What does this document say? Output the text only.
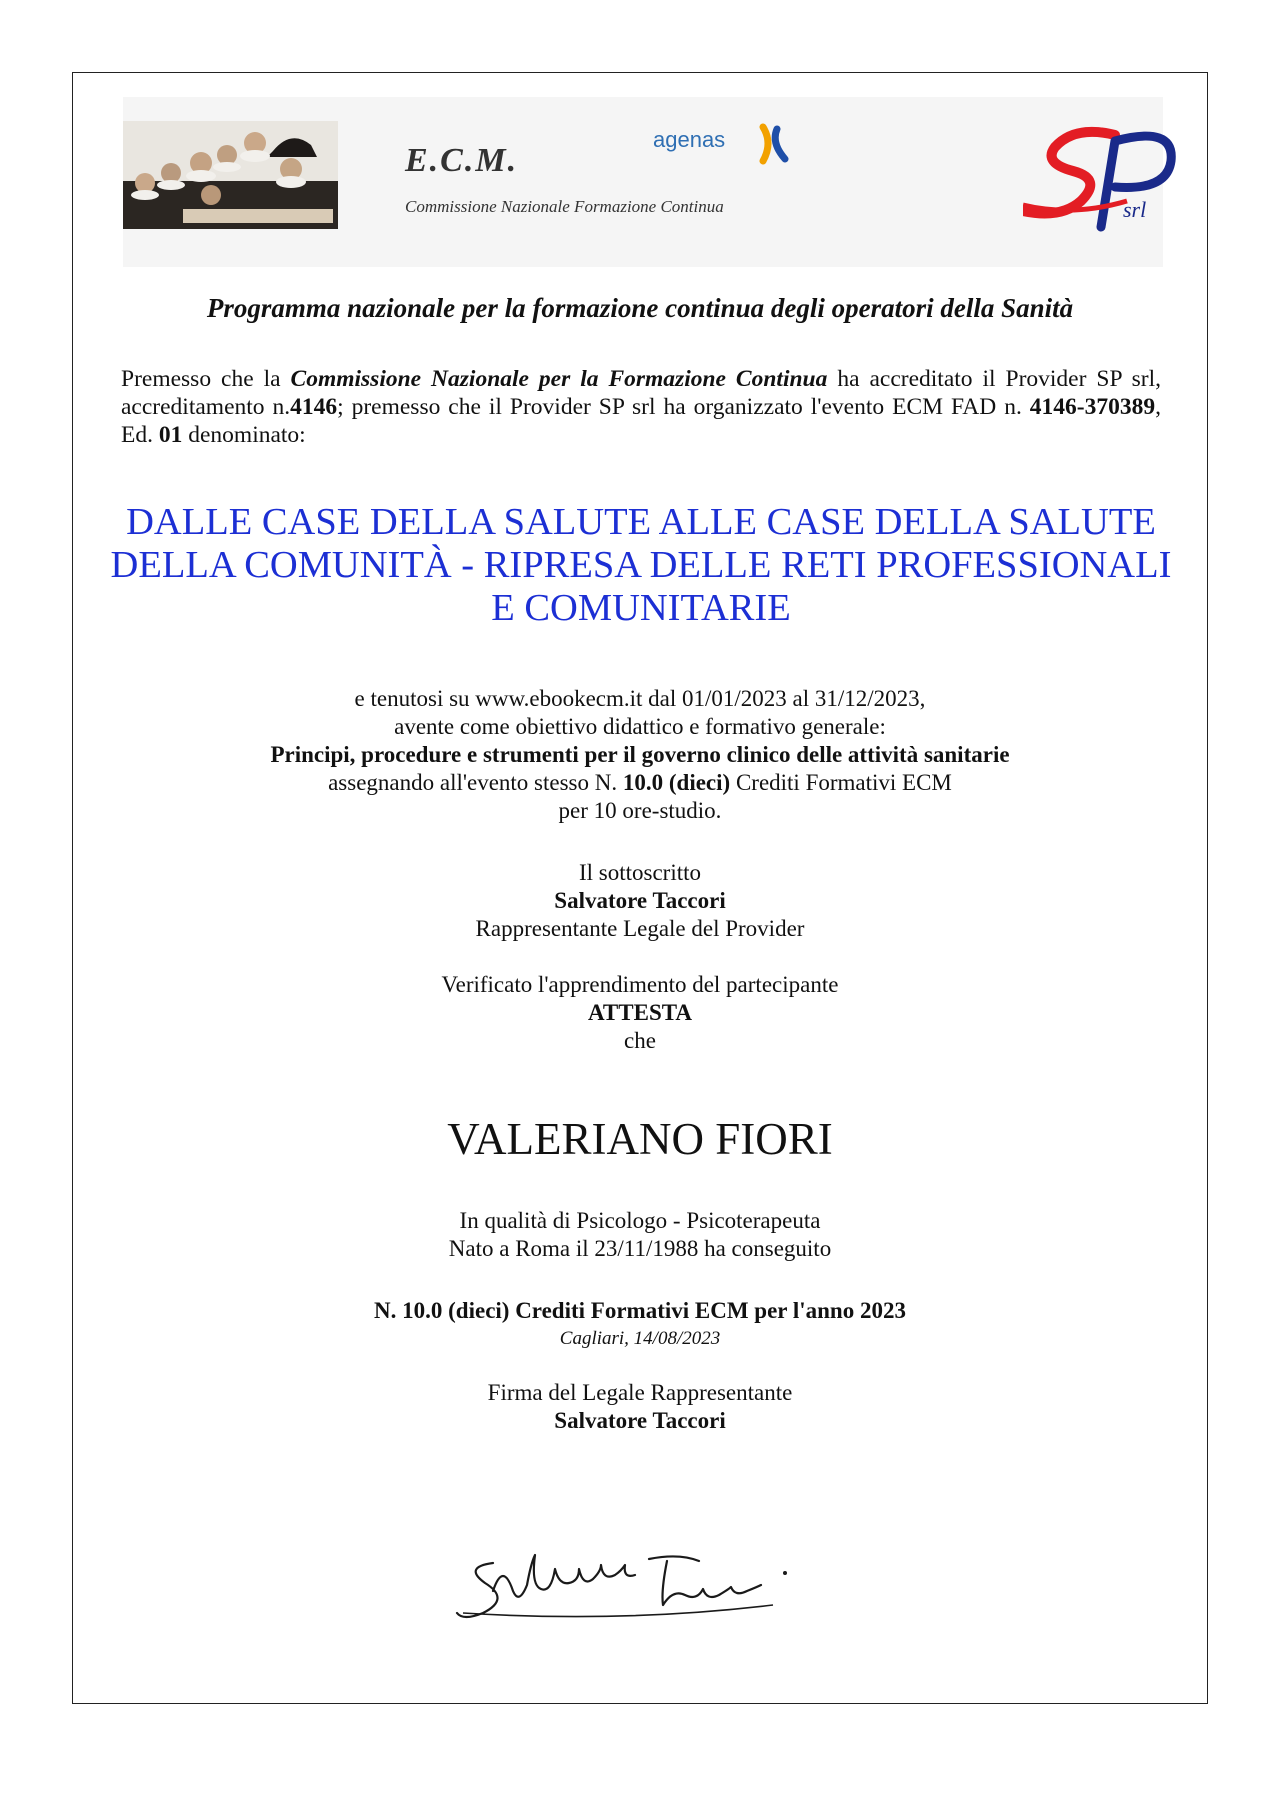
E.C.M.
Commissione Nazionale Formazione Continua
agenas
srl
Programma nazionale per la formazione continua degli operatori della Sanità
Premesso che la Commissione Nazionale per la Formazione Continua ha accreditato il Provider SP srl, accreditamento n.4146; premesso che il Provider SP srl ha organizzato l'evento ECM FAD n. 4146-370389, Ed. 01 denominato:
DALLE CASE DELLA SALUTE ALLE CASE DELLA SALUTE DELLA COMUNITÀ - RIPRESA DELLE RETI PROFESSIONALI E COMUNITARIE
e tenutosi su www.ebookecm.it dal 01/01/2023 al 31/12/2023,
avente come obiettivo didattico e formativo generale:
Principi, procedure e strumenti per il governo clinico delle attività sanitarie
assegnando all'evento stesso N. 10.0 (dieci) Crediti Formativi ECM
per 10 ore-studio.
Il sottoscritto
Salvatore Taccori
Rappresentante Legale del Provider
Verificato l'apprendimento del partecipante
ATTESTA
che
VALERIANO FIORI
In qualità di Psicologo - Psicoterapeuta
Nato a Roma il 23/11/1988 ha conseguito
N. 10.0 (dieci) Crediti Formativi ECM per l'anno 2023
Cagliari, 14/08/2023
Firma del Legale Rappresentante
Salvatore Taccori
